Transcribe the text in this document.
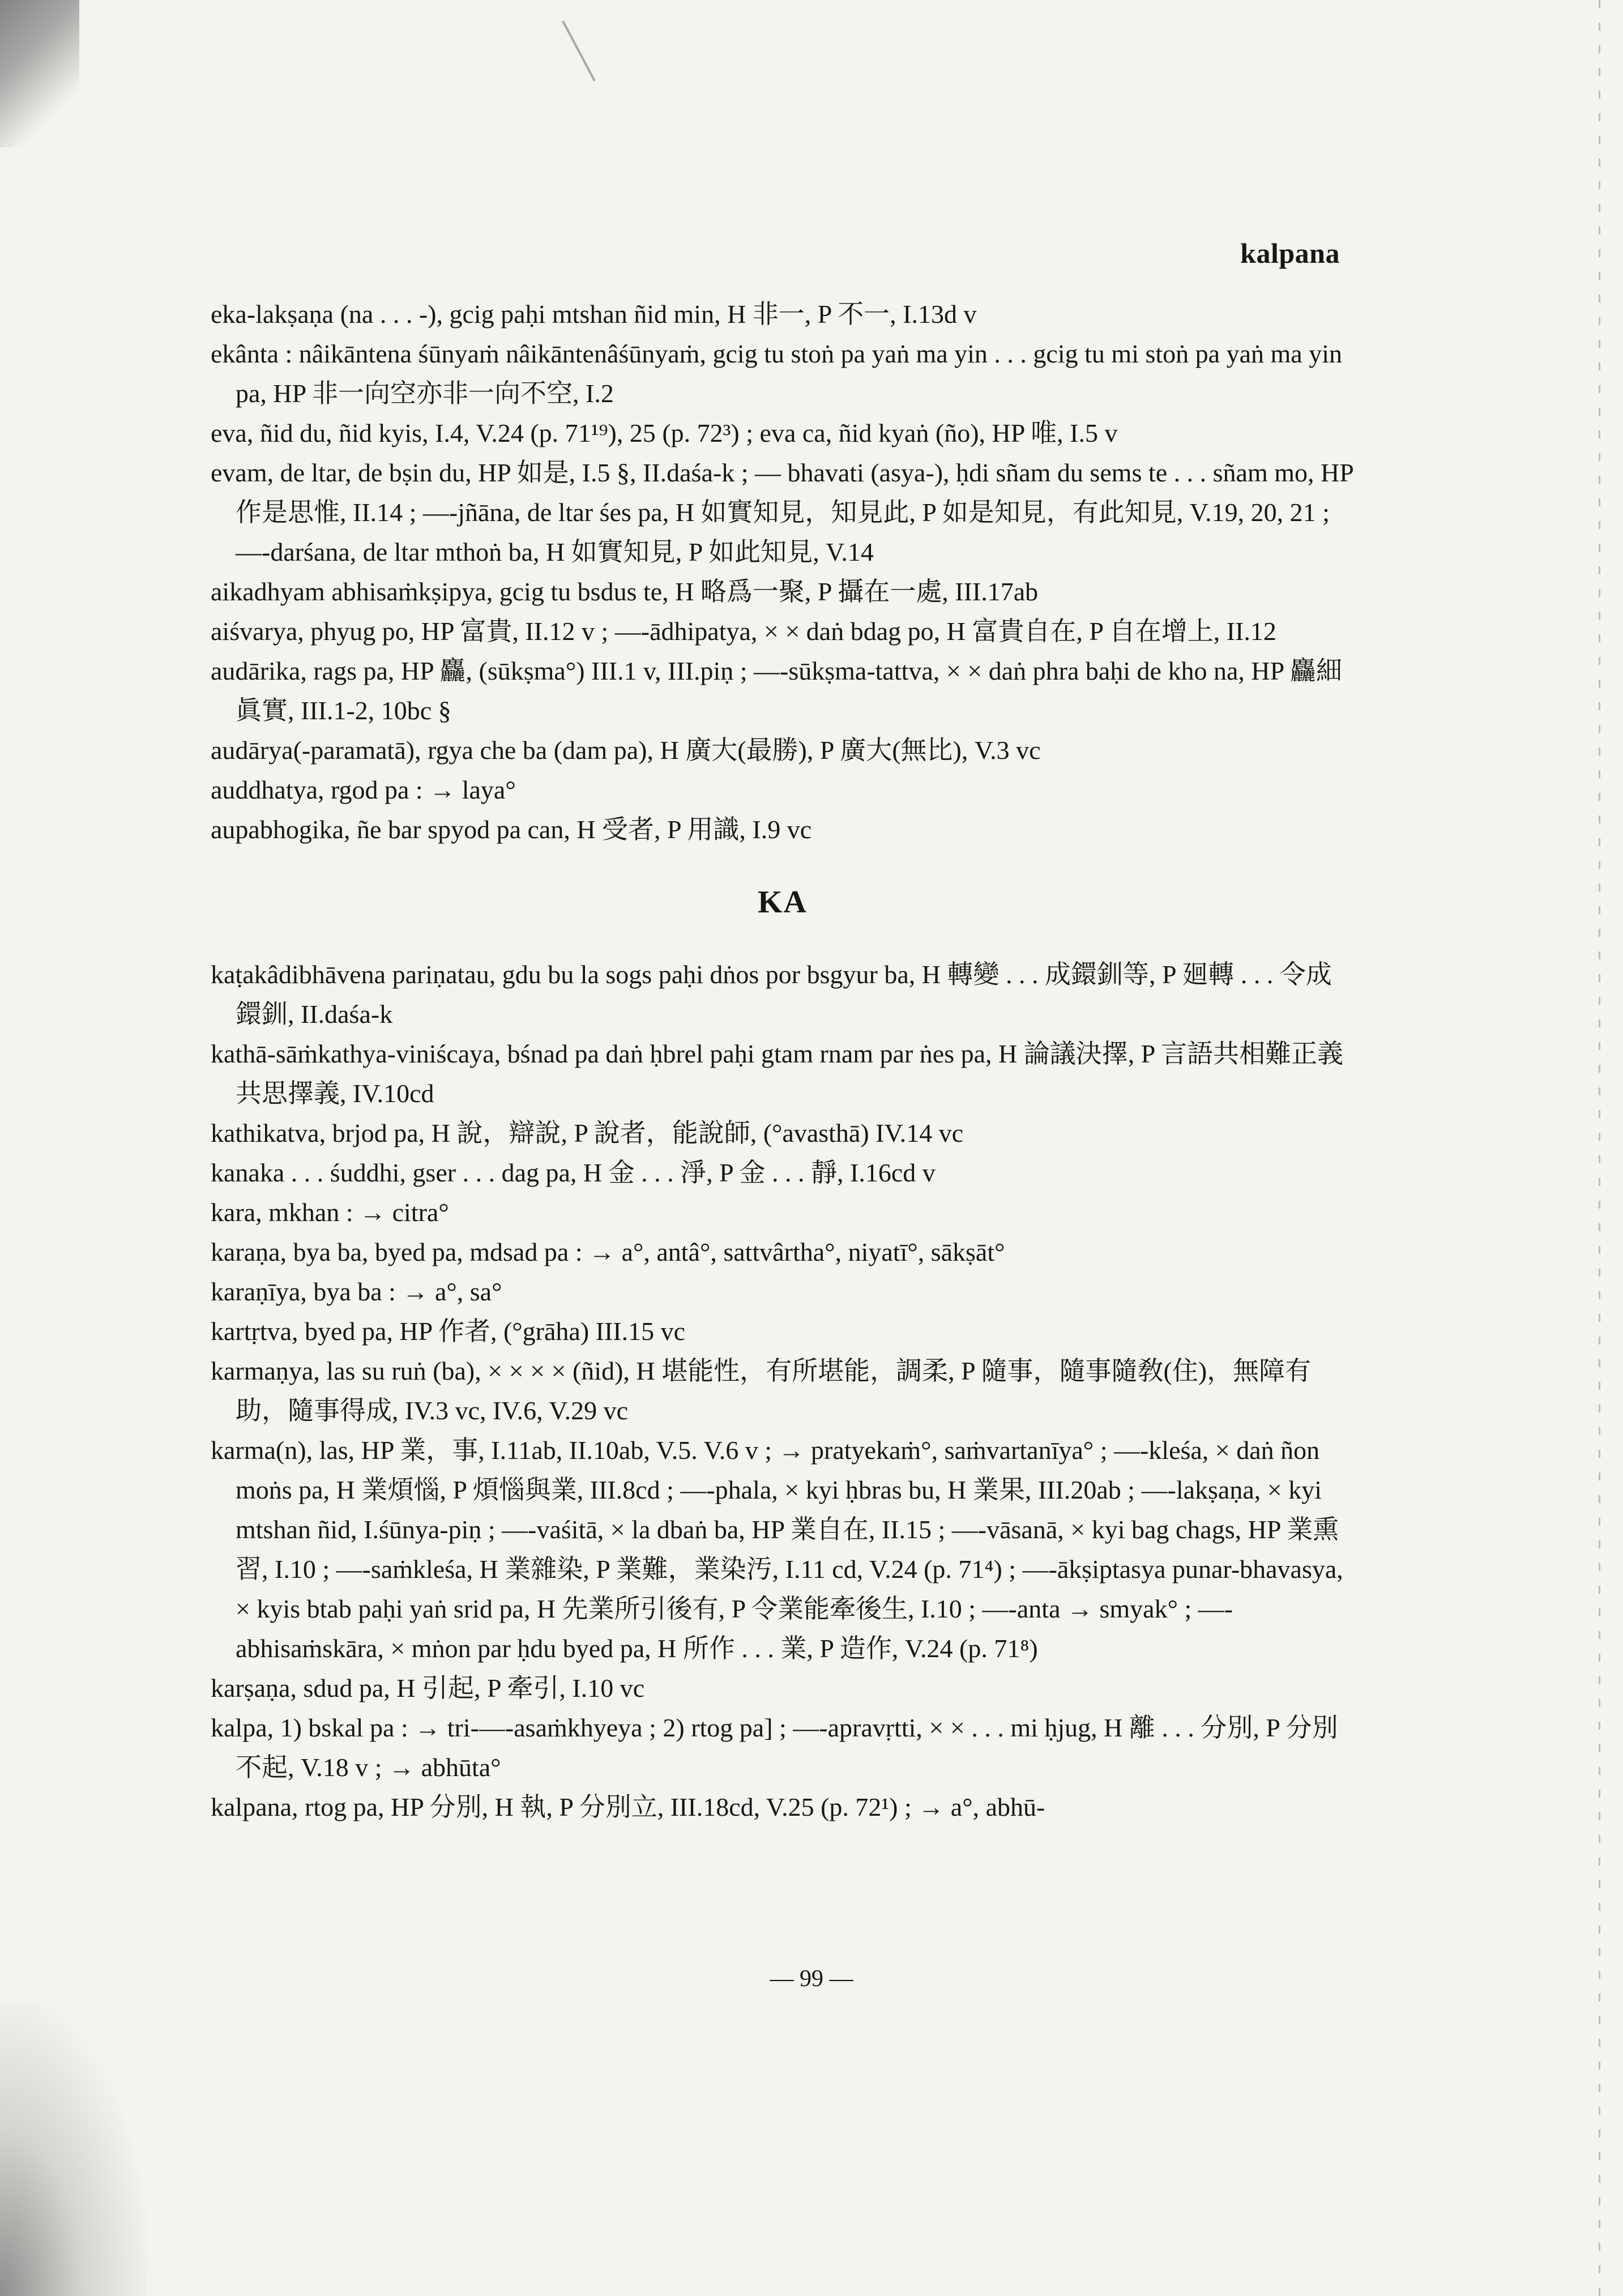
kalpana

eka-lakṣaṇa (na . . . -), gcig paḥi mtshan ñid min, H 非一, P 不一, I.13d v

ekânta : nâikāntena śūnyaṁ nâikāntenâśūnyaṁ, gcig tu stoṅ pa yaṅ ma yin . . . gcig tu mi stoṅ pa yaṅ ma yin pa, HP 非一向空亦非一向不空, I.2

eva, ñid du, ñid kyis, I.4, V.24 (p. 71¹⁹), 25 (p. 72³) ; eva ca, ñid kyaṅ (ño), HP 唯, I.5 v

evam, de ltar, de bṣin du, HP 如是, I.5 §, II.daśa-k ; — bhavati (asya-), ḥdi sñam du sems te . . . sñam mo, HP 作是思惟, II.14 ; —-jñāna, de ltar śes pa, H 如實知見，知見此, P 如是知見，有此知見, V.19, 20, 21 ; —-darśana, de ltar mthoṅ ba, H 如實知見, P 如此知見, V.14

aikadhyam abhisaṁkṣipya, gcig tu bsdus te, H 略爲一聚, P 攝在一處, III.17ab

aiśvarya, phyug po, HP 富貴, II.12 v ; —-ādhipatya, × × daṅ bdag po, H 富貴自在, P 自在增上, II.12

audārika, rags pa, HP 麤, (sūkṣma°) III.1 v, III.piṇ ; —-sūkṣma-tattva, × × daṅ phra baḥi de kho na, HP 麤細眞實, III.1-2, 10bc §

audārya(-paramatā), rgya che ba (dam pa), H 廣大(最勝), P 廣大(無比), V.3 vc

auddhatya, rgod pa : → laya°

aupabhogika, ñe bar spyod pa can, H 受者, P 用識, I.9 vc

KA

kaṭakâdibhāvena pariṇatau, gdu bu la sogs paḥi dṅos por bsgyur ba, H 轉變 . . . 成鐶釧等, P 廻轉 . . . 令成鐶釧, II.daśa-k

kathā-sāṁkathya-viniścaya, bśnad pa daṅ ḥbrel paḥi gtam rnam par ṅes pa, H 論議決擇, P 言語共相難正義共思擇義, IV.10cd

kathikatva, brjod pa, H 說，辯說, P 說者，能說師, (°avasthā) IV.14 vc

kanaka . . . śuddhi, gser . . . dag pa, H 金 . . . 淨, P 金 . . . 靜, I.16cd v

kara, mkhan : → citra°

karaṇa, bya ba, byed pa, mdsad pa : → a°, antâ°, sattvârtha°, niyatī°, sākṣāt°

karaṇīya, bya ba : → a°, sa°

kartṛtva, byed pa, HP 作者, (°grāha) III.15 vc

karmaṇya, las su ruṅ (ba), × × × × (ñid), H 堪能性，有所堪能，調柔, P 隨事，隨事隨敎(住)，無障有助，隨事得成, IV.3 vc, IV.6, V.29 vc

karma(n), las, HP 業，事, I.11ab, II.10ab, V.5. V.6 v ; → pratyekaṁ°, saṁvartanīya° ; —-kleśa, × daṅ ñon moṅs pa, H 業煩惱, P 煩惱與業, III.8cd ; —-phala, × kyi ḥbras bu, H 業果, III.20ab ; —-lakṣaṇa, × kyi mtshan ñid, I.śūnya-piṇ ; —-vaśitā, × la dbaṅ ba, HP 業自在, II.15 ; —-vāsanā, × kyi bag chags, HP 業熏習, I.10 ; —-saṁkleśa, H 業雜染, P 業難，業染汚, I.11 cd, V.24 (p. 71⁴) ; —-ākṣiptasya punar-bhavasya, × kyis btab paḥi yaṅ srid pa, H 先業所引後有, P 令業能牽後生, I.10 ; —-anta → smyak° ; —-abhisaṁskāra, × mṅon par ḥdu byed pa, H 所作 . . . 業, P 造作, V.24 (p. 71⁸)

karṣaṇa, sdud pa, H 引起, P 牽引, I.10 vc

kalpa, 1) bskal pa : → tri-—-asaṁkhyeya ; 2) rtog pa] ; —-apravṛtti, × × . . . mi ḥjug, H 離 . . . 分別, P 分別不起, V.18 v ; → abhūta°

kalpana, rtog pa, HP 分別, H 執, P 分別立, III.18cd, V.25 (p. 72¹) ; → a°, abhū-

— 99 —
